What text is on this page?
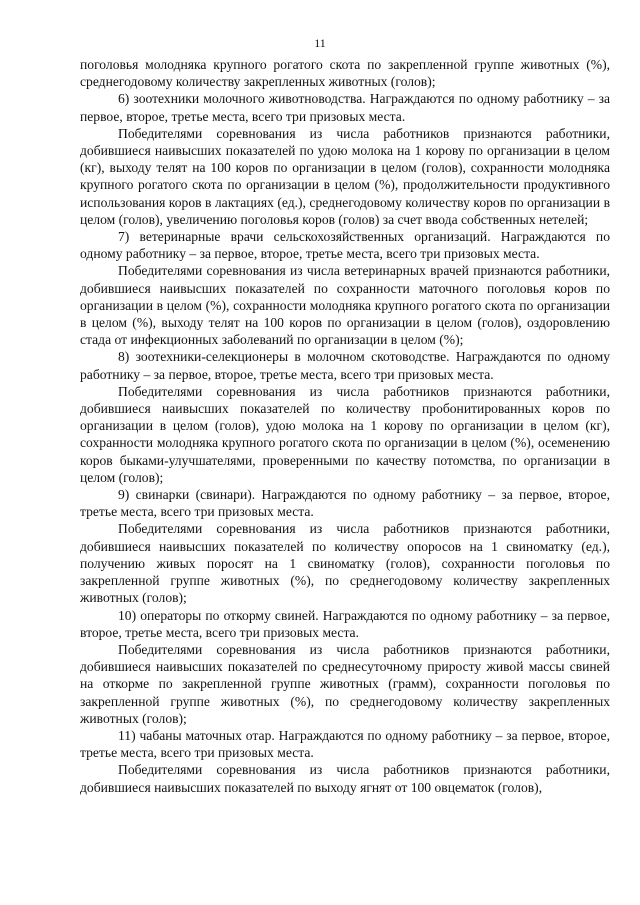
11

поголовья молодняка крупного рогатого скота по закрепленной группе животных (%), среднегодовому количеству закрепленных животных (голов);

6) зоотехники молочного животноводства. Награждаются по одному работнику – за первое, второе, третье места, всего три призовых места.

Победителями соревнования из числа работников признаются работники, добившиеся наивысших показателей по удою молока на 1 корову по организации в целом (кг), выходу телят на 100 коров по организации в целом (голов), сохранности молодняка крупного рогатого скота по организации в целом (%), продолжительности продуктивного использования коров в лактациях (ед.), среднегодовому количеству коров по организации в целом (голов), увеличению поголовья коров (голов) за счет ввода собственных нетелей;

7) ветеринарные врачи сельскохозяйственных организаций. Награждаются по одному работнику – за первое, второе, третье места, всего три призовых места.

Победителями соревнования из числа ветеринарных врачей признаются работники, добившиеся наивысших показателей по сохранности маточного поголовья коров по организации в целом (%), сохранности молодняка крупного рогатого скота по организации в целом (%), выходу телят на 100 коров по организации в целом (голов), оздоровлению стада от инфекционных заболеваний по организации в целом (%);

8) зоотехники-селекционеры в молочном скотоводстве. Награждаются по одному работнику – за первое, второе, третье места, всего три призовых места.

Победителями соревнования из числа работников признаются работники, добившиеся наивысших показателей по количеству пробонитированных коров по организации в целом (голов), удою молока на 1 корову по организации в целом (кг), сохранности молодняка крупного рогатого скота по организации в целом (%), осеменению коров быками-улучшателями, проверенными по качеству потомства, по организации в целом (голов);

9) свинарки (свинари). Награждаются по одному работнику – за первое, второе, третье места, всего три призовых места.

Победителями соревнования из числа работников признаются работники, добившиеся наивысших показателей по количеству опоросов на 1 свиноматку (ед.), получению живых поросят на 1 свиноматку (голов), сохранности поголовья по закрепленной группе животных (%), по среднегодовому количеству закрепленных животных (голов);

10) операторы по откорму свиней. Награждаются по одному работнику – за первое, второе, третье места, всего три призовых места.

Победителями соревнования из числа работников признаются работники, добившиеся наивысших показателей по среднесуточному приросту живой массы свиней на откорме по закрепленной группе животных (грамм), сохранности поголовья по закрепленной группе животных (%), по среднегодовому количеству закрепленных животных (голов);

11) чабаны маточных отар. Награждаются по одному работнику – за первое, второе, третье места, всего три призовых места.

Победителями соревнования из числа работников признаются работники, добившиеся наивысших показателей по выходу ягнят от 100 овцематок (голов),
